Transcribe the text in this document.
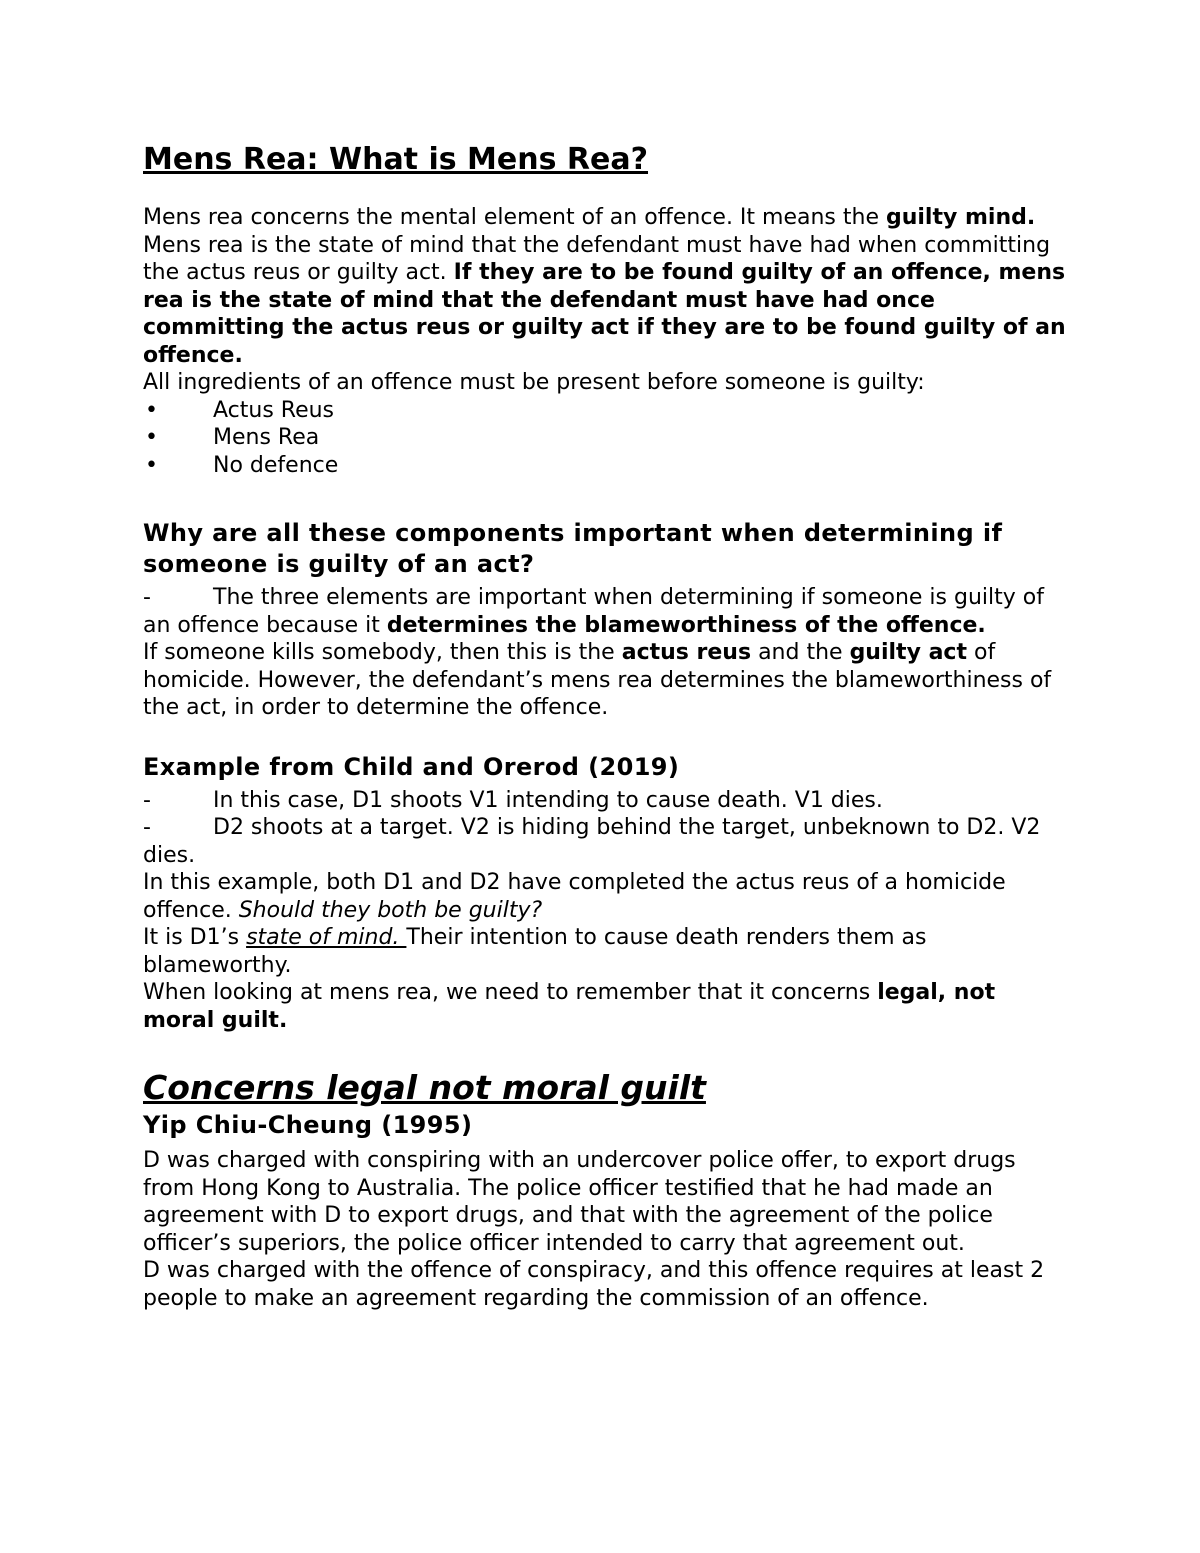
Mens Rea: What is Mens Rea?

Mens rea concerns the mental element of an offence. It means the guilty mind.

Mens rea is the state of mind that the defendant must have had when committing the actus reus or guilty act. If they are to be found guilty of an offence, mens rea is the state of mind that the defendant must have had once committing the actus reus or guilty act if they are to be found guilty of an offence.

All ingredients of an offence must be present before someone is guilty:

•	Actus Reus
•	Mens Rea
•	No defence
Why are all these components important when determining if someone is guilty of an act?

-	The three elements are important when determining if someone is guilty of an offence because it determines the blameworthiness of the offence.

If someone kills somebody, then this is the actus reus and the guilty act of homicide. However, the defendant’s mens rea determines the blameworthiness of the act, in order to determine the offence.

Example from Child and Orerod (2019)

-	In this case, D1 shoots V1 intending to cause death. V1 dies.

-	D2 shoots at a target. V2 is hiding behind the target, unbeknown to D2. V2 dies.

In this example, both D1 and D2 have completed the actus reus of a homicide offence. Should they both be guilty?

It is D1’s state of mind. Their intention to cause death renders them as blameworthy.

When looking at mens rea, we need to remember that it concerns legal, not moral guilt.

Concerns legal not moral guilt
Yip Chiu-Cheung (1995)

D was charged with conspiring with an undercover police offer, to export drugs from Hong Kong to Australia. The police officer testified that he had made an agreement with D to export drugs, and that with the agreement of the police officer’s superiors, the police officer intended to carry that agreement out.

D was charged with the offence of conspiracy, and this offence requires at least 2 people to make an agreement regarding the commission of an offence.
